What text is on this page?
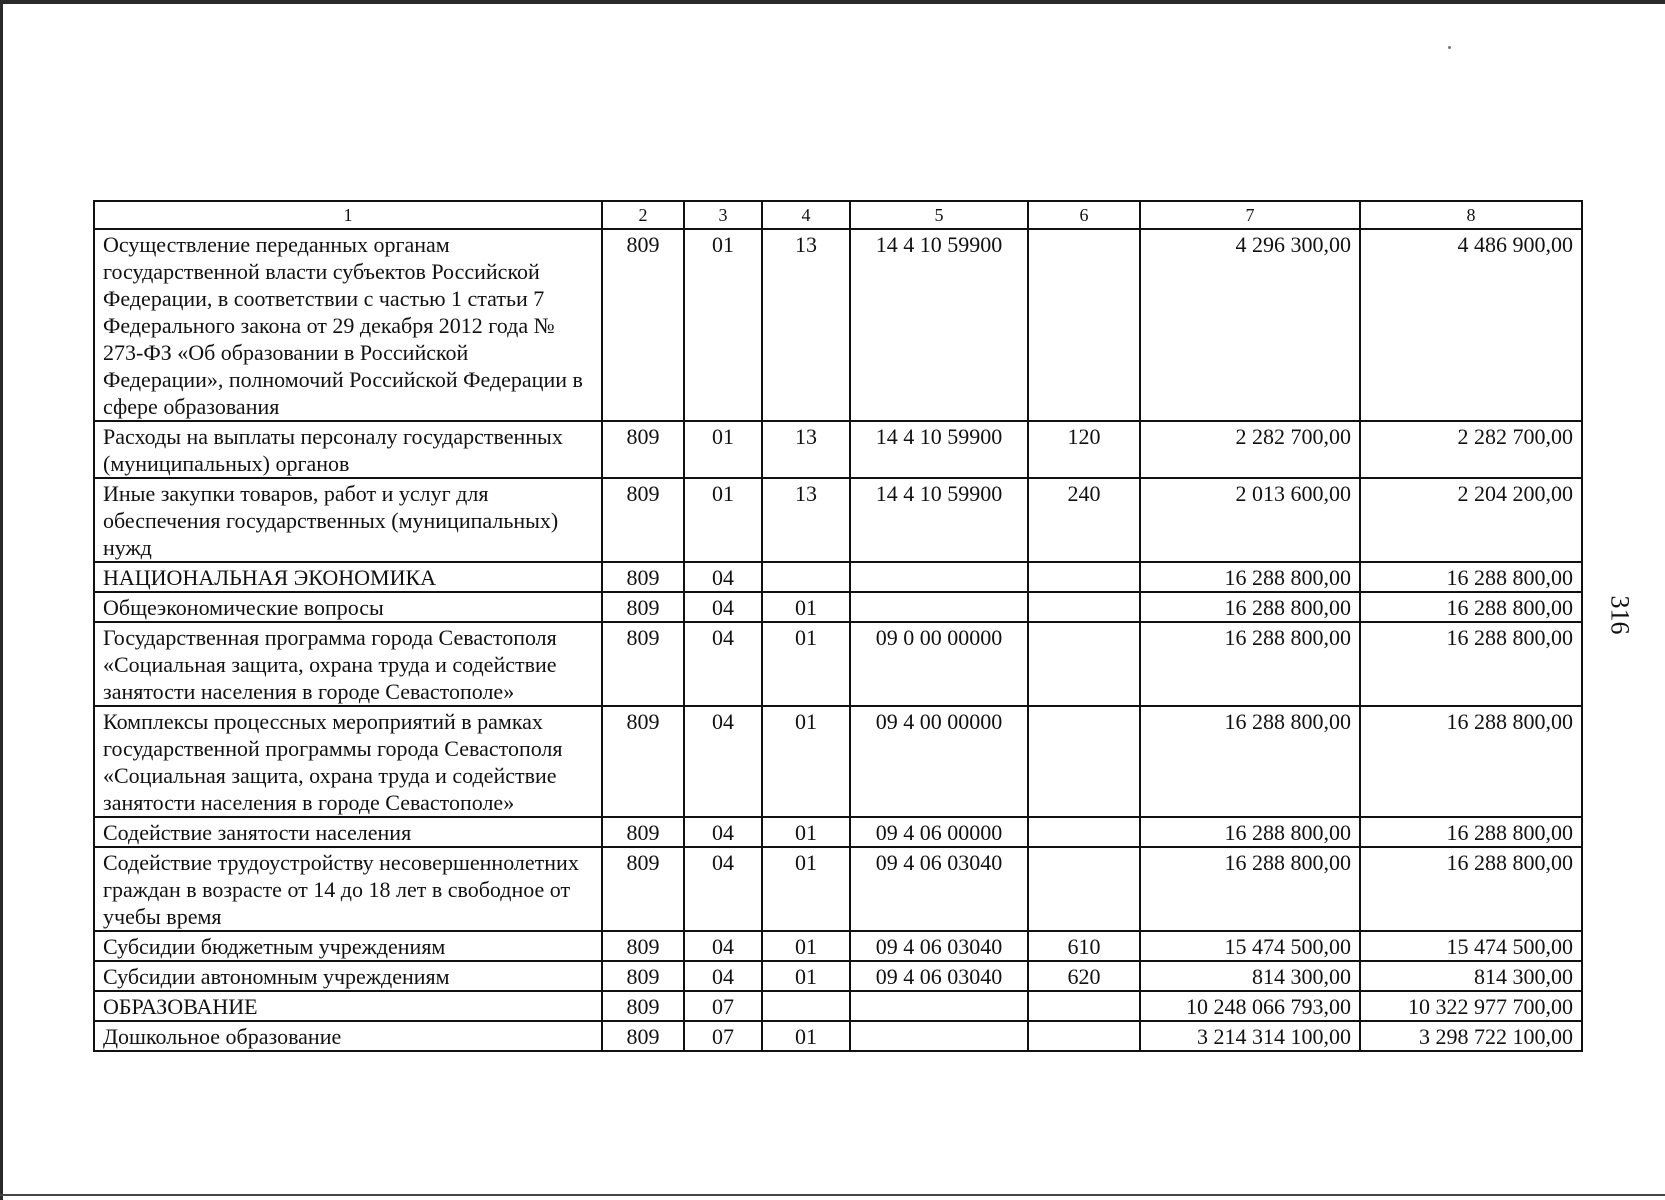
1	2	3	4	5	6	7	8
Осуществление переданных органам государственной власти субъектов Российской Федерации, в соответствии с частью 1 статьи 7 Федерального закона от 29 декабря 2012 года № 273-ФЗ «Об образовании в Российской Федерации», полномочий Российской Федерации в сфере образования	809	01	13	14 4 10 59900		4 296 300,00	4 486 900,00
Расходы на выплаты персоналу государственных (муниципальных) органов	809	01	13	14 4 10 59900	120	2 282 700,00	2 282 700,00
Иные закупки товаров, работ и услуг для обеспечения государственных (муниципальных) нужд	809	01	13	14 4 10 59900	240	2 013 600,00	2 204 200,00
НАЦИОНАЛЬНАЯ ЭКОНОМИКА	809	04				16 288 800,00	16 288 800,00
Общеэкономические вопросы	809	04	01			16 288 800,00	16 288 800,00
Государственная программа города Севастополя «Социальная защита, охрана труда и содействие занятости населения в городе Севастополе»	809	04	01	09 0 00 00000		16 288 800,00	16 288 800,00
Комплексы процессных мероприятий в рамках государственной программы города Севастополя «Социальная защита, охрана труда и содействие занятости населения в городе Севастополе»	809	04	01	09 4 00 00000		16 288 800,00	16 288 800,00
Содействие занятости населения	809	04	01	09 4 06 00000		16 288 800,00	16 288 800,00
Содействие трудоустройству несовершеннолетних граждан в возрасте от 14 до 18 лет в свободное от учебы время	809	04	01	09 4 06 03040		16 288 800,00	16 288 800,00
Субсидии бюджетным учреждениям	809	04	01	09 4 06 03040	610	15 474 500,00	15 474 500,00
Субсидии автономным учреждениям	809	04	01	09 4 06 03040	620	814 300,00	814 300,00
ОБРАЗОВАНИЕ	809	07				10 248 066 793,00	10 322 977 700,00
Дошкольное образование	809	07	01			3 214 314 100,00	3 298 722 100,00
316
